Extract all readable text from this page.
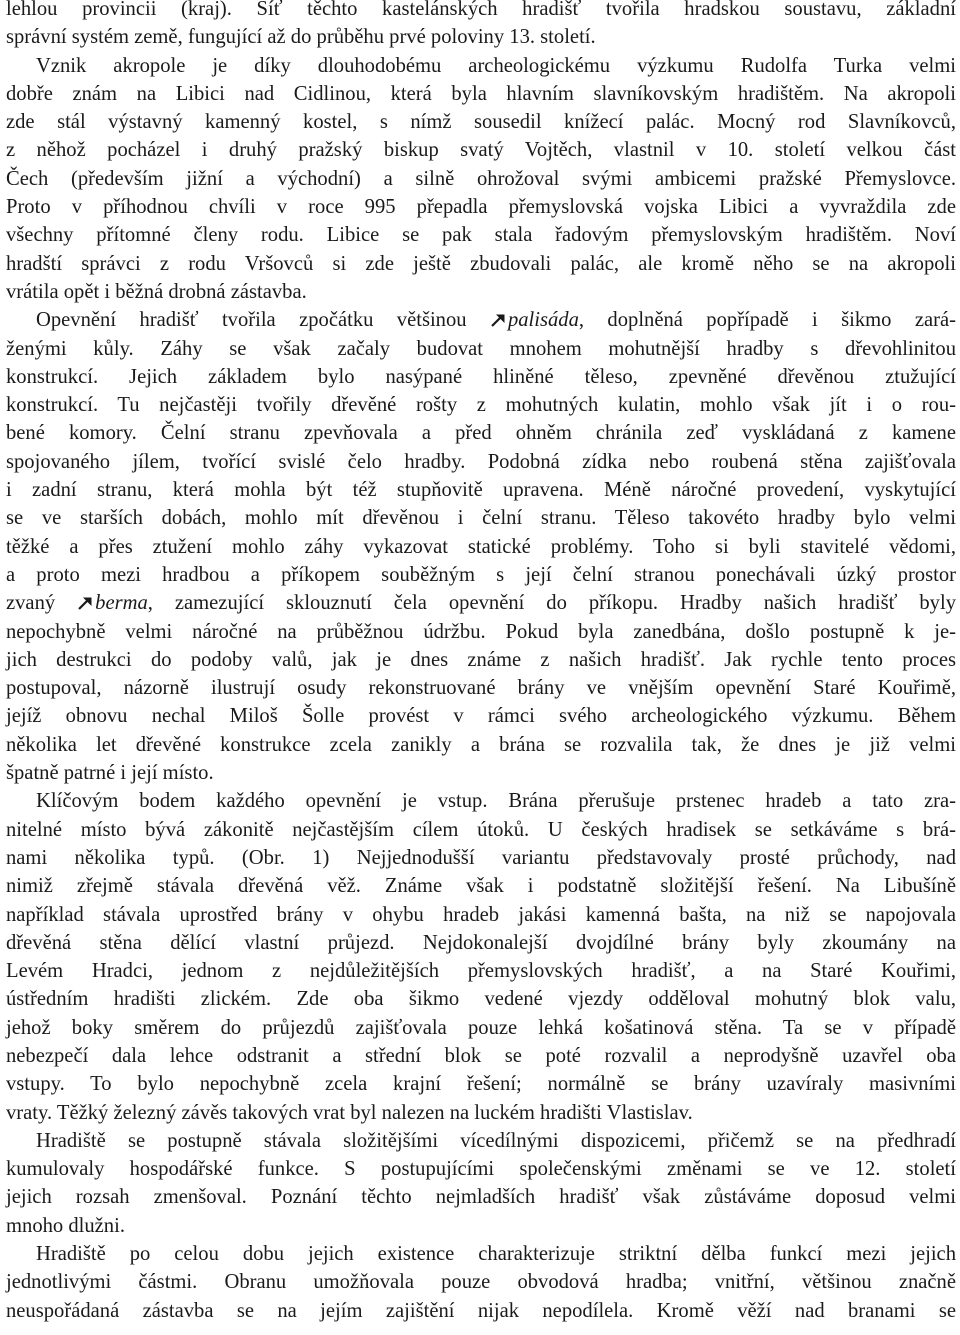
lehlou provincii (kraj). Síť těchto kastelánských hradišť tvořila hradskou soustavu, základní
správní systém země, fungující až do průběhu prvé poloviny 13. století.
Vznik akropole je díky dlouhodobému archeologickému výzkumu Rudolfa Turka velmi
dobře znám na Libici nad Cidlinou, která byla hlavním slavníkovským hradištěm. Na akropoli
zde stál výstavný kamenný kostel, s nímž sousedil knížecí palác. Mocný rod Slavníkovců,
z něhož pocházel i druhý pražský biskup svatý Vojtěch, vlastnil v 10. století velkou část
Čech (především jižní a východní) a silně ohrožoval svými ambicemi pražské Přemyslovce.
Proto v příhodnou chvíli v roce 995 přepadla přemyslovská vojska Libici a vyvraždila zde
všechny přítomné členy rodu. Libice se pak stala řadovým přemyslovským hradištěm. Noví
hradští správci z rodu Vršovců si zde ještě zbudovali palác, ale kromě něho se na akropoli
vrátila opět i běžná drobná zástavba.
Opevnění hradišť tvořila zpočátku většinou palisáda, doplněná popřípadě i šikmo zará-
ženými kůly. Záhy se však začaly budovat mnohem mohutnější hradby s dřevohlinitou
konstrukcí. Jejich základem bylo nasýpané hliněné těleso, zpevněné dřevěnou ztužující
konstrukcí. Tu nejčastěji tvořily dřevěné rošty z mohutných kulatin, mohlo však jít i o rou-
bené komory. Čelní stranu zpevňovala a před ohněm chránila zeď vyskládaná z kamene
spojovaného jílem, tvořící svislé čelo hradby. Podobná zídka nebo roubená stěna zajišťovala
i zadní stranu, která mohla být též stupňovitě upravena. Méně náročné provedení, vyskytující
se ve starších dobách, mohlo mít dřevěnou i čelní stranu. Těleso takovéto hradby bylo velmi
těžké a přes ztužení mohlo záhy vykazovat statické problémy. Toho si byli stavitelé vědomi,
a proto mezi hradbou a příkopem souběžným s její čelní stranou ponechávali úzký prostor
zvaný berma, zamezující sklouznutí čela opevnění do příkopu. Hradby našich hradišť byly
nepochybně velmi náročné na průběžnou údržbu. Pokud byla zanedbána, došlo postupně k je-
jich destrukci do podoby valů, jak je dnes známe z našich hradišť. Jak rychle tento proces
postupoval, názorně ilustrují osudy rekonstruované brány ve vnějším opevnění Staré Kouřimě,
jejíž obnovu nechal Miloš Šolle provést v rámci svého archeologického výzkumu. Během
několika let dřevěné konstrukce zcela zanikly a brána se rozvalila tak, že dnes je již velmi
špatně patrné i její místo.
Klíčovým bodem každého opevnění je vstup. Brána přerušuje prstenec hradeb a tato zra-
nitelné místo bývá zákonitě nejčastějším cílem útoků. U českých hradisek se setkáváme s brá-
nami několika typů. (Obr. 1) Nejjednodušší variantu představovaly prosté průchody, nad
nimiž zřejmě stávala dřevěná věž. Známe však i podstatně složitější řešení. Na Libušíně
například stávala uprostřed brány v ohybu hradeb jakási kamenná bašta, na niž se napojovala
dřevěná stěna dělící vlastní průjezd. Nejdokonalejší dvojdílné brány byly zkoumány na
Levém Hradci, jednom z nejdůležitějších přemyslovských hradišť, a na Staré Kouřimi,
ústředním hradišti zlickém. Zde oba šikmo vedené vjezdy odděloval mohutný blok valu,
jehož boky směrem do průjezdů zajišťovala pouze lehká košatinová stěna. Ta se v případě
nebezpečí dala lehce odstranit a střední blok se poté rozvalil a neprodyšně uzavřel oba
vstupy. To bylo nepochybně zcela krajní řešení; normálně se brány uzavíraly masivními
vraty. Těžký železný závěs takových vrat byl nalezen na luckém hradišti Vlastislav.
Hradiště se postupně stávala složitějšími vícedílnými dispozicemi, přičemž se na předhradí
kumulovaly hospodářské funkce. S postupujícími společenskými změnami se ve 12. století
jejich rozsah zmenšoval. Poznání těchto nejmladších hradišť však zůstáváme doposud velmi
mnoho dlužni.
Hradiště po celou dobu jejich existence charakterizuje striktní dělba funkcí mezi jejich
jednotlivými částmi. Obranu umožňovala pouze obvodová hradba; vnitřní, většinou značně
neuspořádaná zástavba se na jejím zajištění nijak nepodílela. Kromě věží nad branami se
